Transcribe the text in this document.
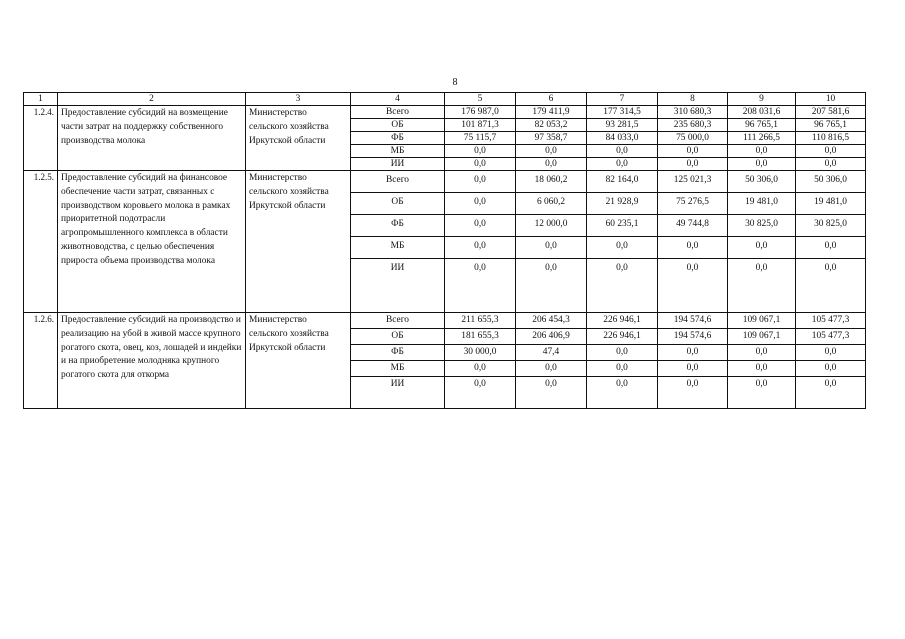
8
1	2	3	4	5	6	7	8	9	10
1.2.4.	Предоставление субсидий на возмещение части затрат на поддержку собственного производства молока	Министерство сельского хозяйства Иркутской области	Всего	176 987,0	179 411,9	177 314,5	310 680,3	208 031,6	207 581,6
			ОБ	101 871,3	82 053,2	93 281,5	235 680,3	96 765,1	96 765,1
			ФБ	75 115,7	97 358,7	84 033,0	75 000,0	111 266,5	110 816,5
			МБ	0,0	0,0	0,0	0,0	0,0	0,0
			ИИ	0,0	0,0	0,0	0,0	0,0	0,0
1.2.5.	Предоставление субсидий на финансовое обеспечение части затрат, связанных с производством коровьего молока в рамках приоритетной подотрасли агропромышленного комплекса в области животноводства, с целью обеспечения прироста объема производства молока	Министерство сельского хозяйства Иркутской области	Всего	0,0	18 060,2	82 164,0	125 021,3	50 306,0	50 306,0
			ОБ	0,0	6 060,2	21 928,9	75 276,5	19 481,0	19 481,0
			ФБ	0,0	12 000,0	60 235,1	49 744,8	30 825,0	30 825,0
			МБ	0,0	0,0	0,0	0,0	0,0	0,0
			ИИ	0,0	0,0	0,0	0,0	0,0	0,0
1.2.6.	Предоставление субсидий на производство и реализацию на убой в живой массе крупного рогатого скота, овец, коз, лошадей и индейки и на приобретение молодняка крупного рогатого скота для откорма	Министерство сельского хозяйства Иркутской области	Всего	211 655,3	206 454,3	226 946,1	194 574,6	109 067,1	105 477,3
			ОБ	181 655,3	206 406,9	226 946,1	194 574,6	109 067,1	105 477,3
			ФБ	30 000,0	47,4	0,0	0,0	0,0	0,0
			МБ	0,0	0,0	0,0	0,0	0,0	0,0
			ИИ	0,0	0,0	0,0	0,0	0,0	0,0
